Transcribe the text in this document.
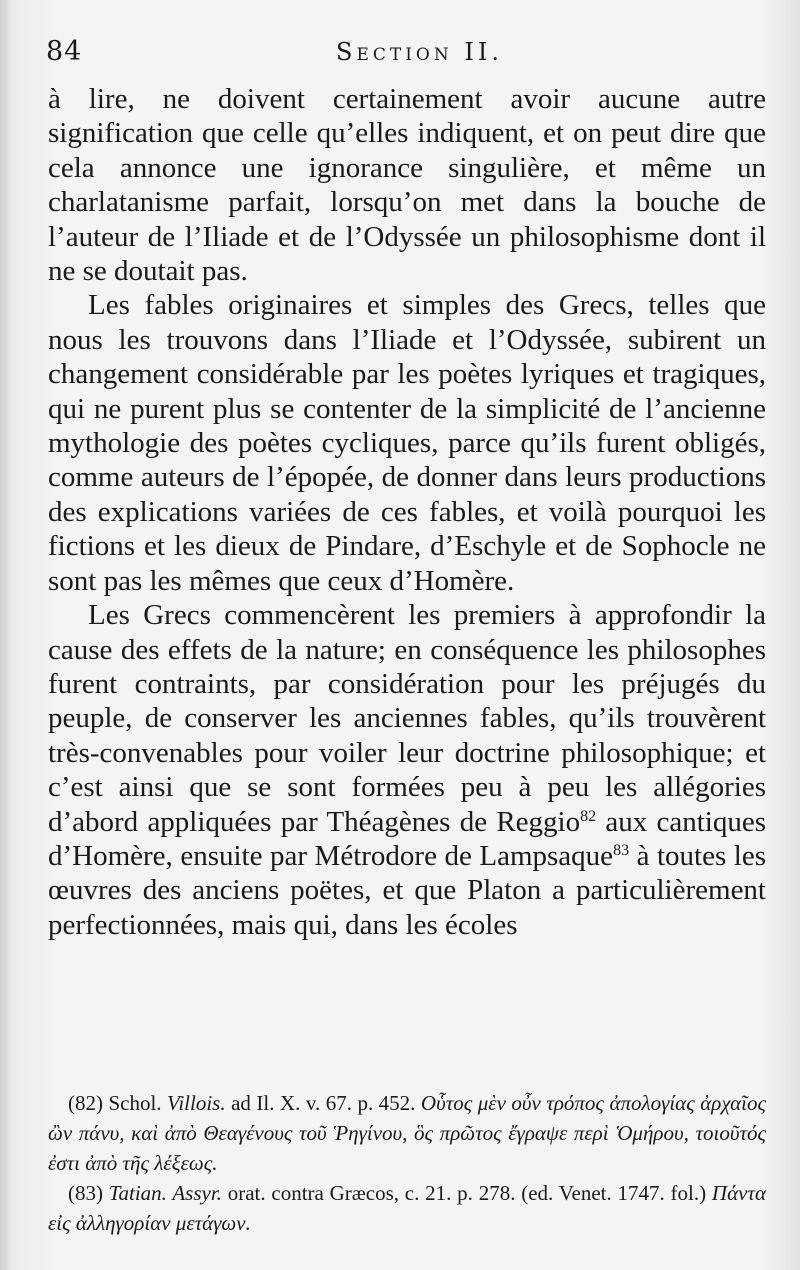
84	Section II.

à lire, ne doivent certainement avoir aucune autre signification que celle qu’elles indiquent, et on peut dire que cela annonce une ignorance singulière, et même un charlatanisme parfait, lorsqu’on met dans la bouche de l’auteur de l’Iliade et de l’Odyssée un philosophisme dont il ne se doutait pas.

Les fables originaires et simples des Grecs, telles que nous les trouvons dans l’Iliade et l’Odyssée, subirent un changement considérable par les poètes lyriques et tragiques, qui ne purent plus se contenter de la simplicité de l’ancienne mythologie des poètes cycliques, parce qu’ils furent obligés, comme auteurs de l’épopée, de donner dans leurs productions des explications variées de ces fables, et voilà pourquoi les fictions et les dieux de Pindare, d’Eschyle et de Sophocle ne sont pas les mêmes que ceux d’Homère.

Les Grecs commencèrent les premiers à approfondir la cause des effets de la nature; en conséquence les philosophes furent contraints, par considération pour les préjugés du peuple, de conserver les anciennes fables, qu’ils trouvèrent très-convenables pour voiler leur doctrine philosophique; et c’est ainsi que se sont formées peu à peu les allégories d’abord appliquées par Théagènes de Reggio$^{82}$ aux cantiques d’Homère, ensuite par Métrodore de Lampsaque$^{83}$ à toutes les œuvres des anciens poëtes, et que Platon a particulièrement perfectionnées, mais qui, dans les écoles

(82) Schol. Villois. ad Il. X. v. 67. p. 452. Οὗτος μὲν οὖν τρόπος ἀπολογίας ἀρχαῖος ὢν πάνυ, καὶ ἀπὸ Θεαγένους τοῦ Ῥηγίνου, ὃς πρῶτος ἔγραψε περὶ Ὁμήρου, τοιοῦτός ἐστι ἀπὸ τῆς λέξεως.

(83) Tatian. Assyr. orat. contra Græcos, c. 21. p. 278. (ed. Venet. 1747. fol.) Πάντα εἰς ἀλληγορίαν μετάγων.
